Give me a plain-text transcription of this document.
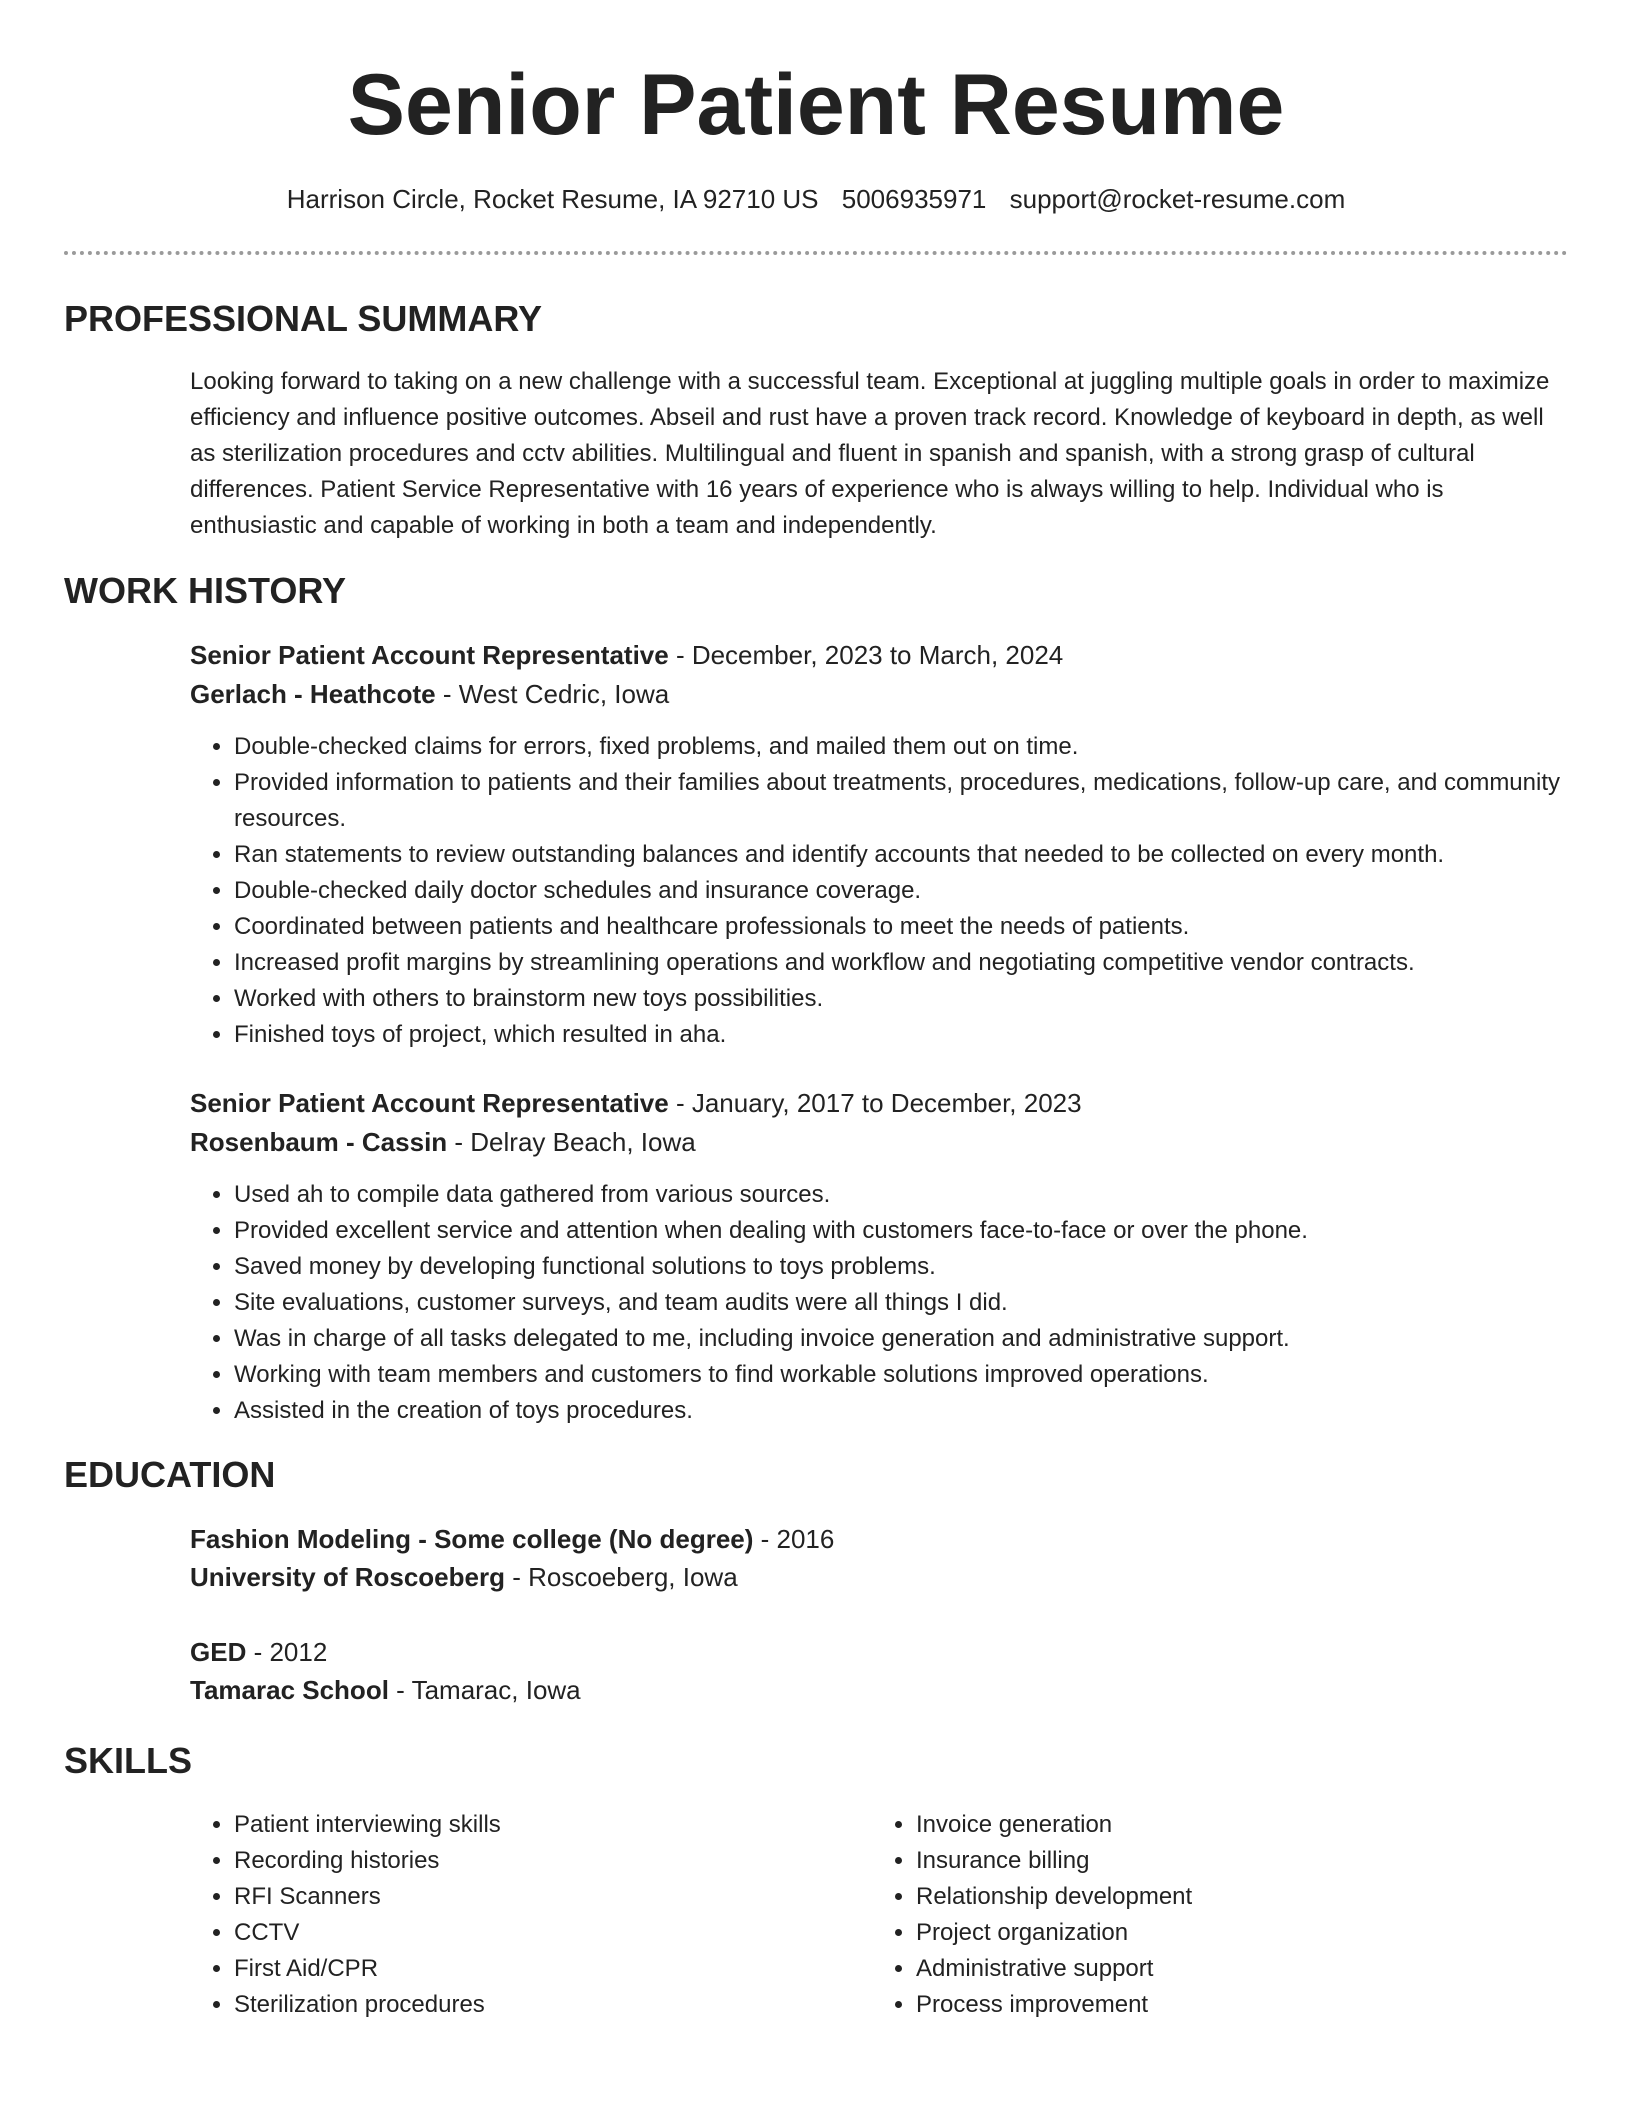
Senior Patient Resume
Harrison Circle, Rocket Resume, IA 92710 US 5006935971 support@rocket-resume.com
PROFESSIONAL SUMMARY

Looking forward to taking on a new challenge with a successful team. Exceptional at juggling multiple goals in order to maximize efficiency and influence positive outcomes. Abseil and rust have a proven track record. Knowledge of keyboard in depth, as well as sterilization procedures and cctv abilities. Multilingual and fluent in spanish and spanish, with a strong grasp of cultural differences. Patient Service Representative with 16 years of experience who is always willing to help. Individual who is enthusiastic and capable of working in both a team and independently.

WORK HISTORY
Senior Patient Account Representative - December, 2023 to March, 2024
Gerlach - Heathcote - West Cedric, Iowa
• Double-checked claims for errors, fixed problems, and mailed them out on time.
• Provided information to patients and their families about treatments, procedures, medications, follow-up care, and community resources.
• Ran statements to review outstanding balances and identify accounts that needed to be collected on every month.
• Double-checked daily doctor schedules and insurance coverage.
• Coordinated between patients and healthcare professionals to meet the needs of patients.
• Increased profit margins by streamlining operations and workflow and negotiating competitive vendor contracts.
• Worked with others to brainstorm new toys possibilities.
• Finished toys of project, which resulted in aha.
Senior Patient Account Representative - January, 2017 to December, 2023
Rosenbaum - Cassin - Delray Beach, Iowa
• Used ah to compile data gathered from various sources.
• Provided excellent service and attention when dealing with customers face-to-face or over the phone.
• Saved money by developing functional solutions to toys problems.
• Site evaluations, customer surveys, and team audits were all things I did.
• Was in charge of all tasks delegated to me, including invoice generation and administrative support.
• Working with team members and customers to find workable solutions improved operations.
• Assisted in the creation of toys procedures.
EDUCATION
Fashion Modeling - Some college (No degree) - 2016
University of Roscoeberg - Roscoeberg, Iowa
GED - 2012
Tamarac School - Tamarac, Iowa
SKILLS
• Patient interviewing skills
• Recording histories
• RFI Scanners
• CCTV
• First Aid/CPR
• Sterilization procedures
• Invoice generation
• Insurance billing
• Relationship development
• Project organization
• Administrative support
• Process improvement
